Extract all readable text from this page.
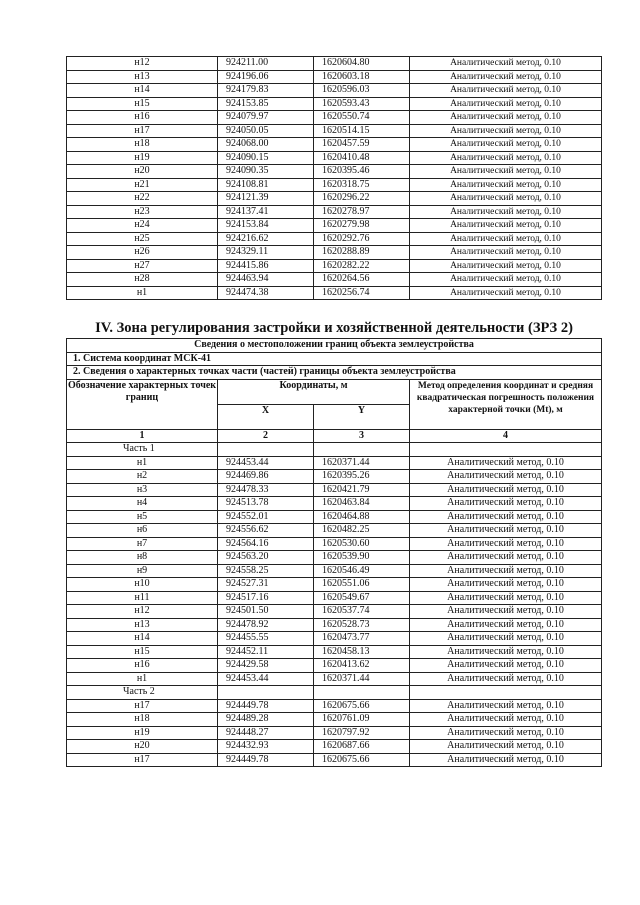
н12	924211.00	1620604.80	Аналитический метод, 0.10
н13	924196.06	1620603.18	Аналитический метод, 0.10
н14	924179.83	1620596.03	Аналитический метод, 0.10
н15	924153.85	1620593.43	Аналитический метод, 0.10
н16	924079.97	1620550.74	Аналитический метод, 0.10
н17	924050.05	1620514.15	Аналитический метод, 0.10
н18	924068.00	1620457.59	Аналитический метод, 0.10
н19	924090.15	1620410.48	Аналитический метод, 0.10
н20	924090.35	1620395.46	Аналитический метод, 0.10
н21	924108.81	1620318.75	Аналитический метод, 0.10
н22	924121.39	1620296.22	Аналитический метод, 0.10
н23	924137.41	1620278.97	Аналитический метод, 0.10
н24	924153.84	1620279.98	Аналитический метод, 0.10
н25	924216.62	1620292.76	Аналитический метод, 0.10
н26	924329.11	1620288.89	Аналитический метод, 0.10
н27	924415.86	1620282.22	Аналитический метод, 0.10
н28	924463.94	1620264.56	Аналитический метод, 0.10
н1	924474.38	1620256.74	Аналитический метод, 0.10
IV. Зона регулирования застройки и хозяйственной деятельности (ЗРЗ 2)
Сведения о местоположении границ объекта землеустройства			
1. Система координат МСК-41			
2. Сведения о характерных точках части (частей) границы объекта землеустройства			
Обозначение характерных точек границ	Координаты, м		Метод определения координат и средняя квадратическая погрешность положения характерной точки (Mt), м
	X	Y	
1	2	3	4
Часть 1			
н1	924453.44	1620371.44	Аналитический метод, 0.10
н2	924469.86	1620395.26	Аналитический метод, 0.10
н3	924478.33	1620421.79	Аналитический метод, 0.10
н4	924513.78	1620463.84	Аналитический метод, 0.10
н5	924552.01	1620464.88	Аналитический метод, 0.10
н6	924556.62	1620482.25	Аналитический метод, 0.10
н7	924564.16	1620530.60	Аналитический метод, 0.10
н8	924563.20	1620539.90	Аналитический метод, 0.10
н9	924558.25	1620546.49	Аналитический метод, 0.10
н10	924527.31	1620551.06	Аналитический метод, 0.10
н11	924517.16	1620549.67	Аналитический метод, 0.10
н12	924501.50	1620537.74	Аналитический метод, 0.10
н13	924478.92	1620528.73	Аналитический метод, 0.10
н14	924455.55	1620473.77	Аналитический метод, 0.10
н15	924452.11	1620458.13	Аналитический метод, 0.10
н16	924429.58	1620413.62	Аналитический метод, 0.10
н1	924453.44	1620371.44	Аналитический метод, 0.10
Часть 2			
н17	924449.78	1620675.66	Аналитический метод, 0.10
н18	924489.28	1620761.09	Аналитический метод, 0.10
н19	924448.27	1620797.92	Аналитический метод, 0.10
н20	924432.93	1620687.66	Аналитический метод, 0.10
н17	924449.78	1620675.66	Аналитический метод, 0.10
